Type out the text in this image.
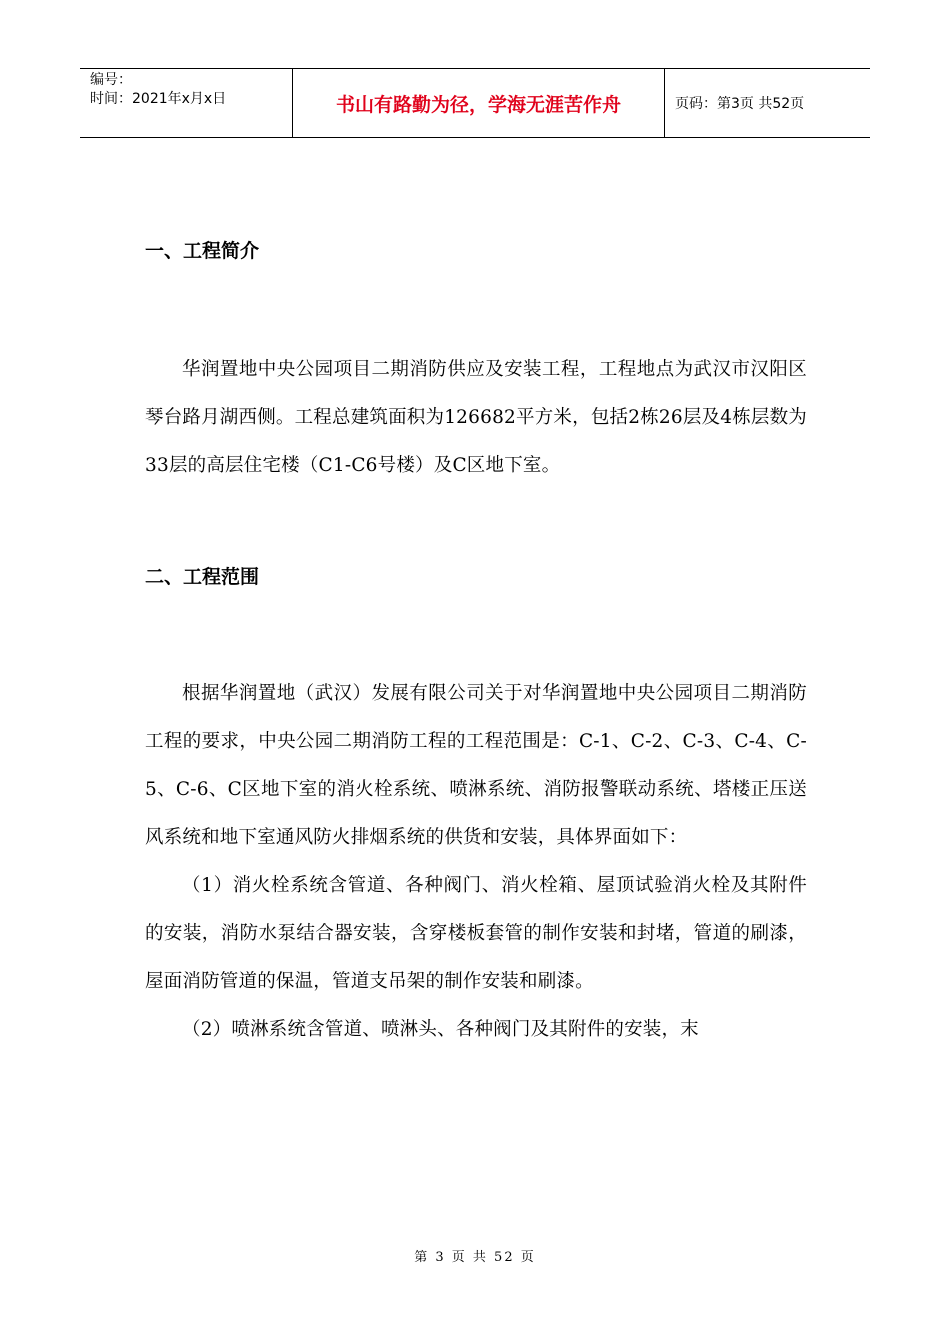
编号：
时间：2021年x月x日	书山有路勤为径，学海无涯苦作舟	页码：第3页 共52页
一、工程简介

华润置地中央公园项目二期消防供应及安装工程，工程地点为武汉市汉阳区琴台路月湖西侧。工程总建筑面积为126682平方米，包括2栋26层及4栋层数为33层的高层住宅楼（C1-C6号楼）及C区地下室。

二、工程范围

根据华润置地（武汉）发展有限公司关于对华润置地中央公园项目二期消防工程的要求，中央公园二期消防工程的工程范围是：C-1、C-2、C-3、C-4、C-5、C-6、C区地下室的消火栓系统、喷淋系统、消防报警联动系统、塔楼正压送风系统和地下室通风防火排烟系统的供货和安装，具体界面如下：

（1）消火栓系统含管道、各种阀门、消火栓箱、屋顶试验消火栓及其附件的安装，消防水泵结合器安装，含穿楼板套管的制作安装和封堵，管道的刷漆，屋面消防管道的保温，管道支吊架的制作安装和刷漆。

（2）喷淋系统含管道、喷淋头、各种阀门及其附件的安装，末

第 3 页 共 52 页
